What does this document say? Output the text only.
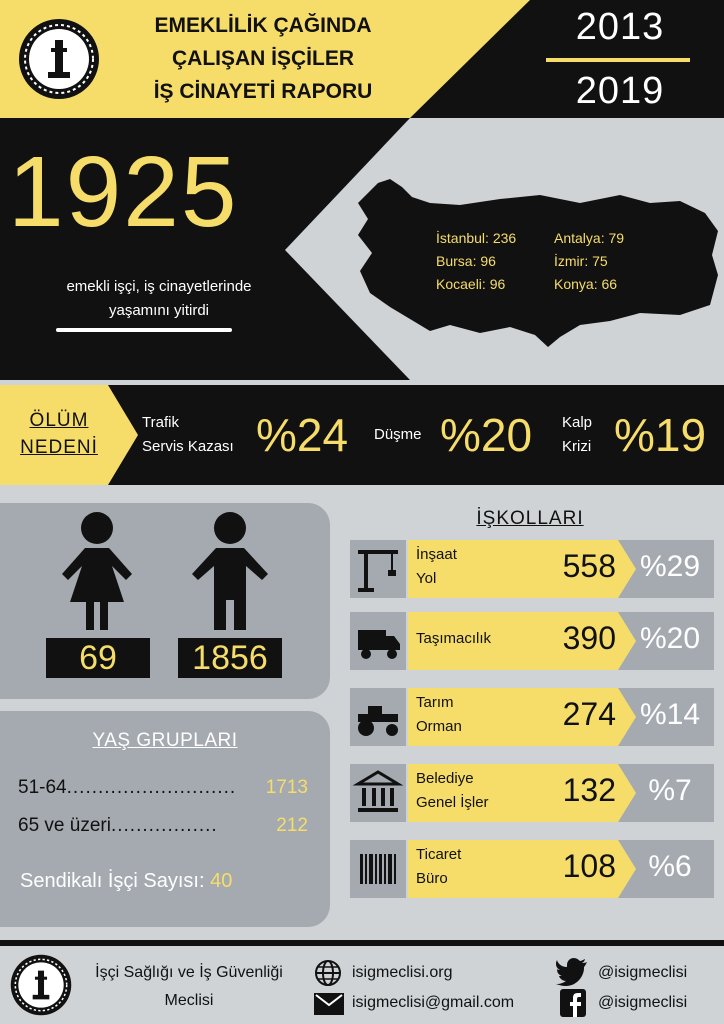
EMEKLİLİK ÇAĞINDA
ÇALIŞAN İŞÇİLER
İŞ CİNAYETİ RAPORU
2013
2019
1925
emekli işçi, iş cinayetlerinde
yaşamını yitirdi
İstanbul: 236	Antalya: 79
Bursa: 96	İzmir: 75
Kocaeli: 96	Konya: 66
ÖLÜM
NEDENİ
Trafik
Servis Kazası %24 Düşme %20 Kalp
Krizi %19
69	1856
YAŞ GRUPLARI
51-64 ...........................	1713
65 ve üzeri .................	212
Sendikalı İşçi Sayısı: 40
İŞKOLLARI
İnşaat
Yol	558 %29
Taşımacılık	390 %20
Tarım
Orman	274 %14
Belediye
Genel İşler	132	%7
Ticaret
Büro	108	%6
İşçi Sağlığı ve İş Güvenliği
Meclisi
isigmeclisi.org
isigmeclisi@gmail.com
@isigmeclisi
@isigmeclisi
